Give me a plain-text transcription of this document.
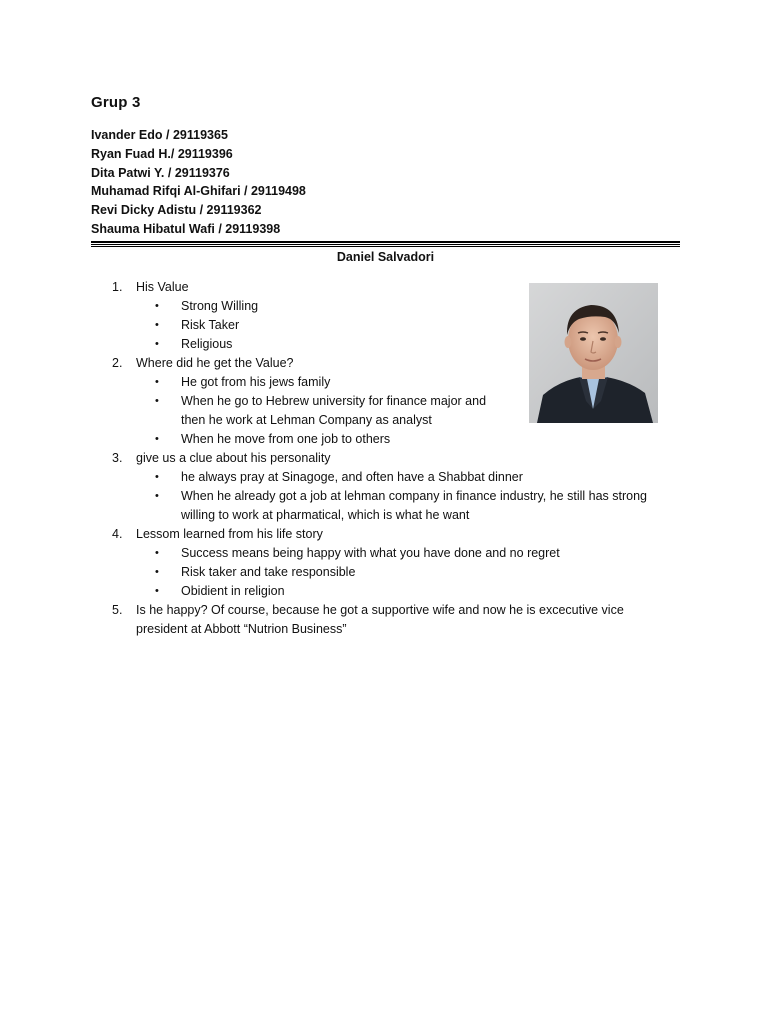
Grup 3
Ivander Edo / 29119365
Ryan Fuad H./ 29119396
Dita Patwi Y. / 29119376
Muhamad Rifqi Al-Ghifari / 29119498
Revi Dicky Adistu / 29119362
Shauma Hibatul Wafi / 29119398
Daniel Salvadori
1.	His Value
• Strong Willing
• Risk Taker
• Religious
2.	Where did he get the Value?
• He got from his jews family
• When he go to Hebrew university for finance major and then he work at Lehman Company as analyst
• When he move from one job to others
3.	give us a clue about his personality
• he always pray at Sinagoge, and often have a Shabbat dinner
• When he already got a job at lehman company in finance industry, he still has strong willing to work at pharmatical, which is what he want
4.	Lessom learned from his life story
• Success means being happy with what you have done and no regret
• Risk taker and take responsible
• Obidient in religion
5.	Is he happy? Of course, because he got a supportive wife and now he is excecutive vice president at Abbott “Nutrion Business”
